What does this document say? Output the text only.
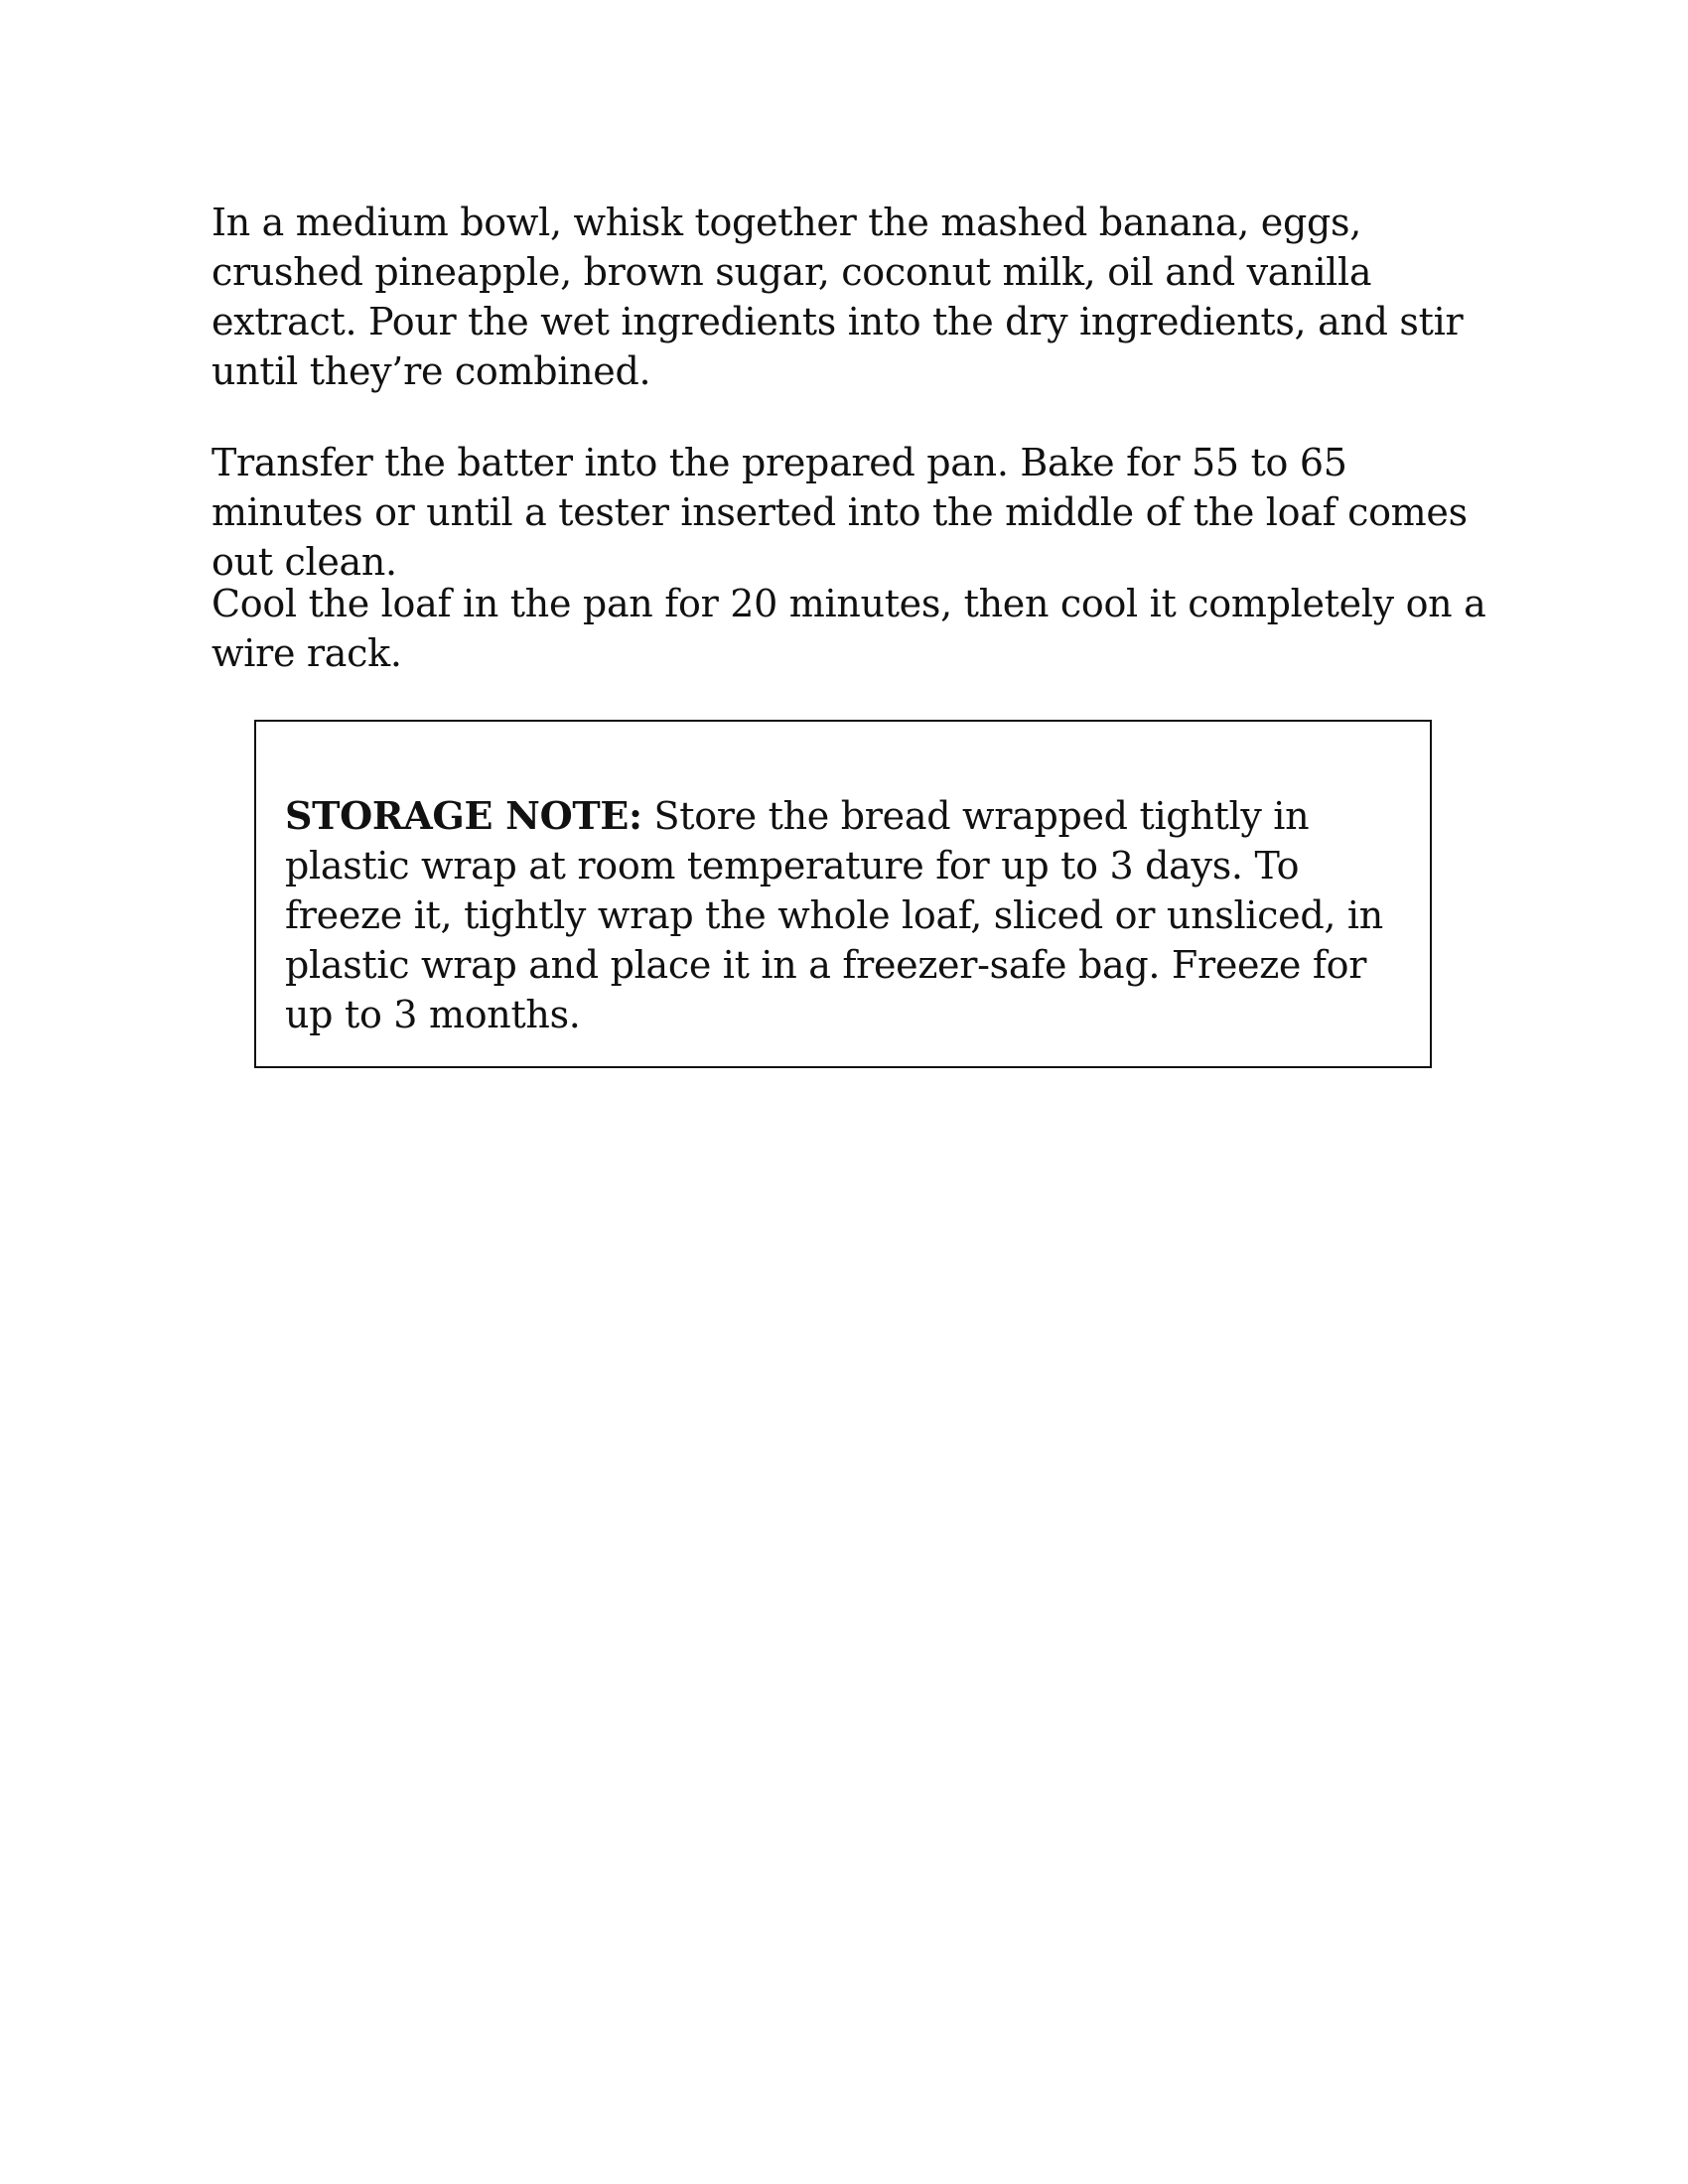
In a medium bowl, whisk together the mashed banana, eggs, crushed pineapple, brown sugar, coconut milk, oil and vanilla extract. Pour the wet ingredients into the dry ingredients, and stir until they’re combined.

Transfer the batter into the prepared pan. Bake for 55 to 65 minutes or until a tester inserted into the middle of the loaf comes out clean.

Cool the loaf in the pan for 20 minutes, then cool it completely on a wire rack.

STORAGE NOTE: Store the bread wrapped tightly in plastic wrap at room temperature for up to 3 days. To freeze it, tightly wrap the whole loaf, sliced or unsliced, in plastic wrap and place it in a freezer-safe bag. Freeze for up to 3 months.
